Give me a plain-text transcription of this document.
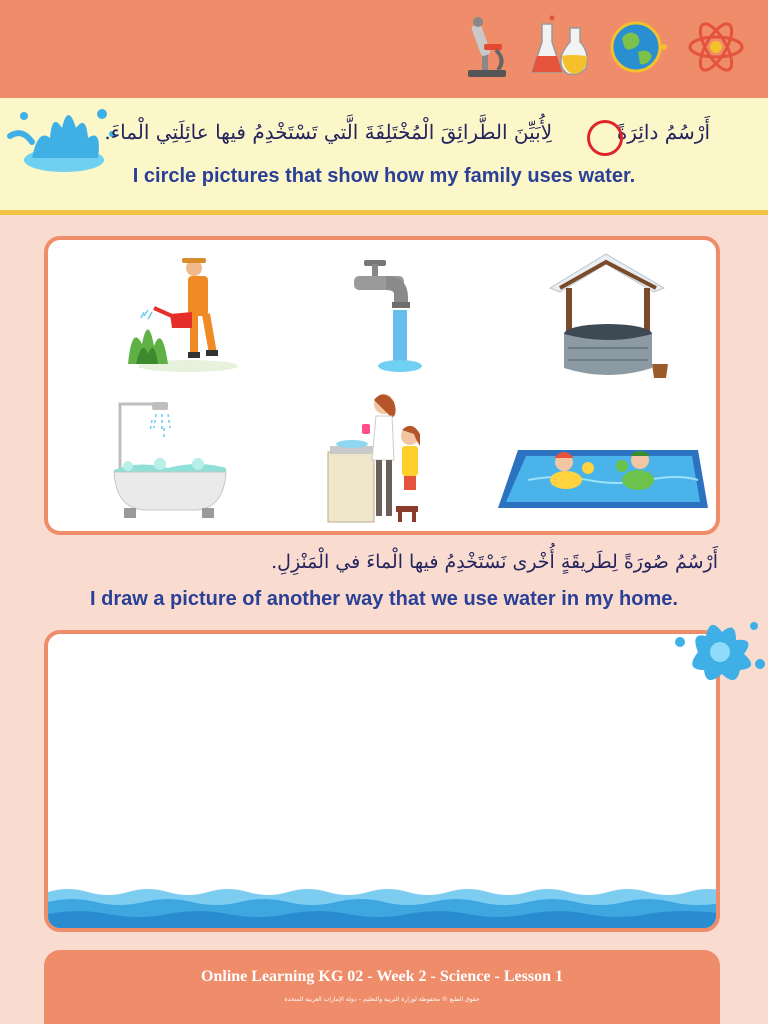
أَرْسُمُ دائِرَةً  لِأُبَيِّنَ الطَّرائِقَ الْمُخْتَلِفَةَ الَّتي تَسْتَخْدِمُ فيها عائِلَتِي الْماءَ.
I circle pictures that show how my family uses water.
أَرْسُمُ صُورَةً لِطَريقَةٍ أُخْرى نَسْتَخْدِمُ فيها الْماءَ في الْمَنْزِلِ.
I draw a picture of another way that we use water in my home.
Online Learning KG 02 - Week 2 - Science - Lesson 1
حقوق الطبع © محفوظة لوزارة التربية والتعليم – دولة الإمارات العربية المتحدة
